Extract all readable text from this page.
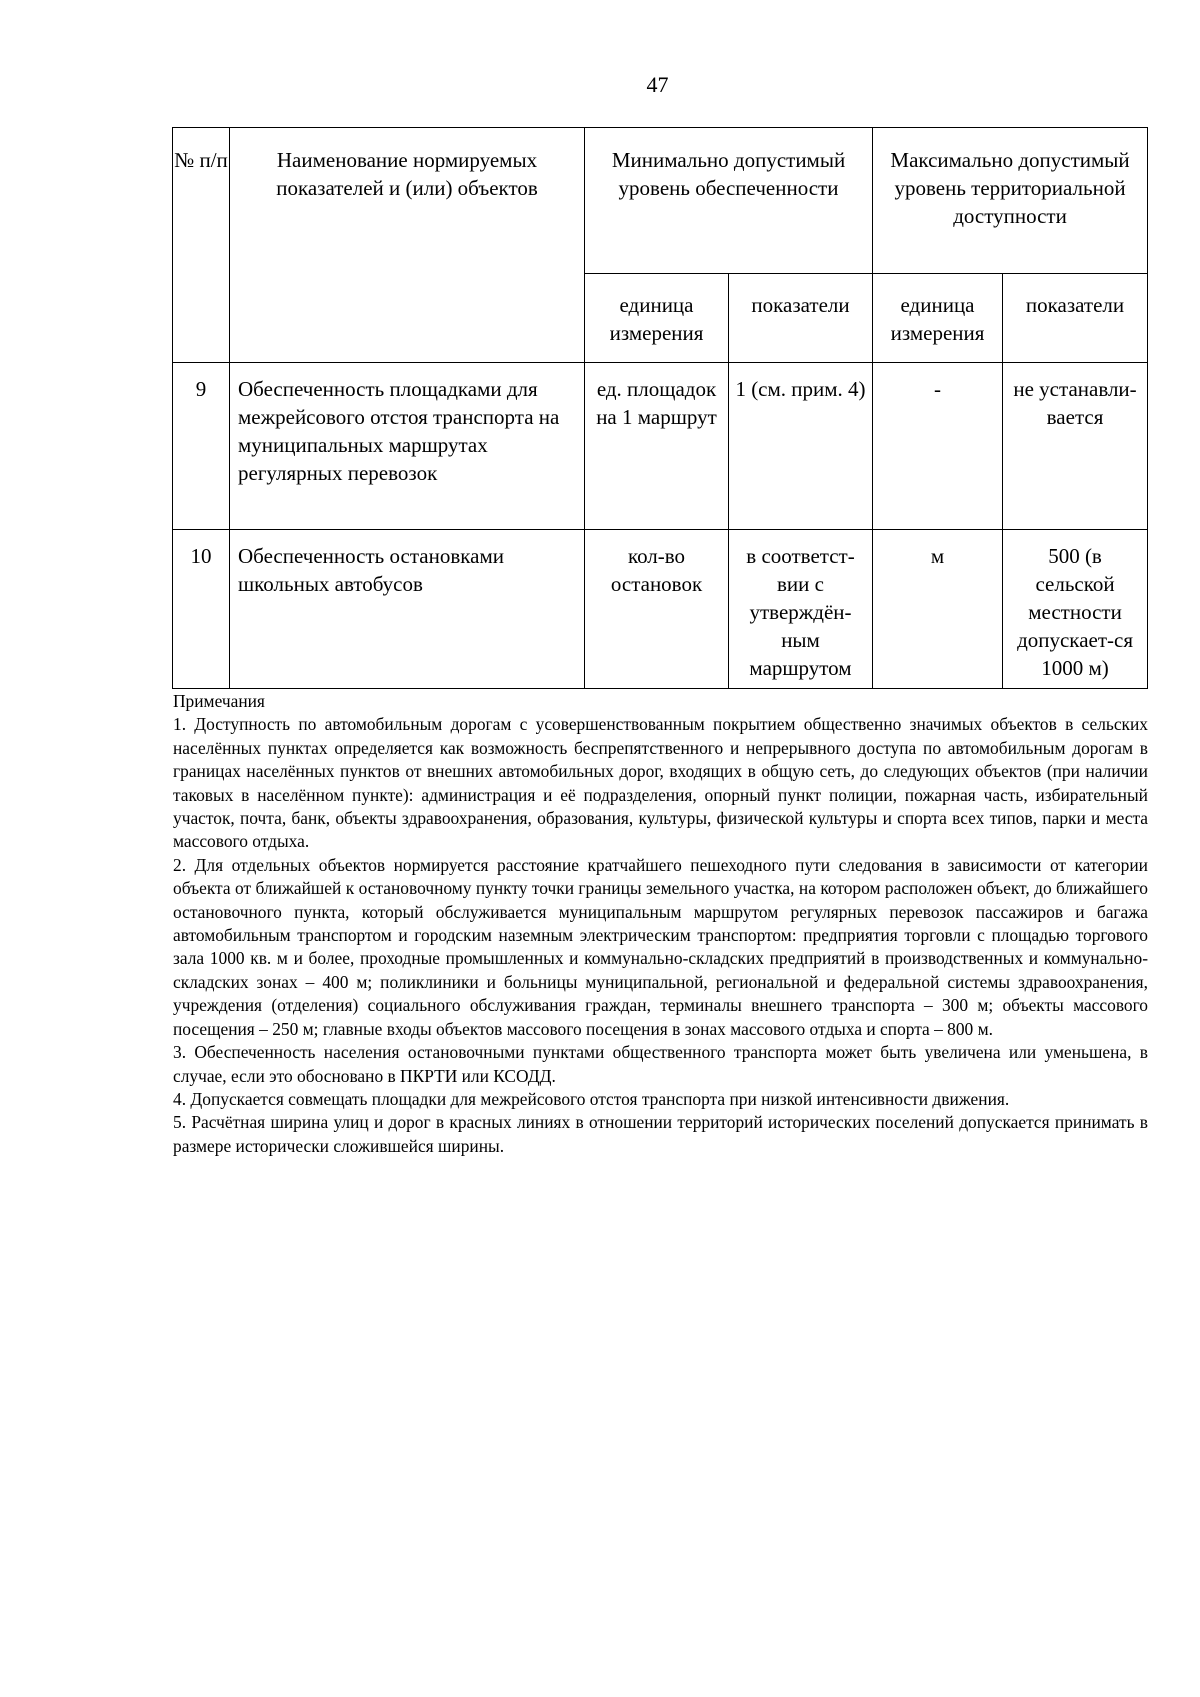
47
№ п/п	Наименование нормируемых показателей и (или) объектов	Минимально допустимый уровень обеспеченности		Максимально допустимый уровень территориальной доступности	
		единица измерения	показатели	единица измерения	показатели
9	Обеспеченность площадками для межрейсового отстоя транспорта на муниципальных маршрутах регулярных перевозок	ед. площадок на 1 маршрут	1 (см. прим. 4)	-	не устанавли-вается
10	Обеспеченность остановками школьных автобусов	кол-во остановок	в соответст-вии с утверждён-ным маршрутом	м	500 (в сельской местности допускает-ся 1000 м)

Примечания

1. Доступность по автомобильным дорогам с усовершенствованным покрытием общественно значимых объектов в сельских населённых пунктах определяется как возможность беспрепятственного и непрерывного доступа по автомобильным дорогам в границах населённых пунктов от внешних автомобильных дорог, входящих в общую сеть, до следующих объектов (при наличии таковых в населённом пункте): администрация и её подразделения, опорный пункт полиции, пожарная часть, избирательный участок, почта, банк, объекты здравоохранения, образования, культуры, физической культуры и спорта всех типов, парки и места массового отдыха.

2. Для отдельных объектов нормируется расстояние кратчайшего пешеходного пути следования в зависимости от категории объекта от ближайшей к остановочному пункту точки границы земельного участка, на котором расположен объект, до ближайшего остановочного пункта, который обслуживается муниципальным маршрутом регулярных перевозок пассажиров и багажа автомобильным транспортом и городским наземным электрическим транспортом: предприятия торговли с площадью торгового зала 1000 кв. м и более, проходные промышленных и коммунально-складских предприятий в производственных и коммунально-складских зонах – 400 м; поликлиники и больницы муниципальной, региональной и федеральной системы здравоохранения, учреждения (отделения) социального обслуживания граждан, терминалы внешнего транспорта – 300 м; объекты массового посещения – 250 м; главные входы объектов массового посещения в зонах массового отдыха и спорта – 800 м.

3. Обеспеченность населения остановочными пунктами общественного транспорта может быть увеличена или уменьшена, в случае, если это обосновано в ПКРТИ или КСОДД.

4. Допускается совмещать площадки для межрейсового отстоя транспорта при низкой интенсивности движения.

5. Расчётная ширина улиц и дорог в красных линиях в отношении территорий исторических поселений допускается принимать в размере исторически сложившейся ширины.
